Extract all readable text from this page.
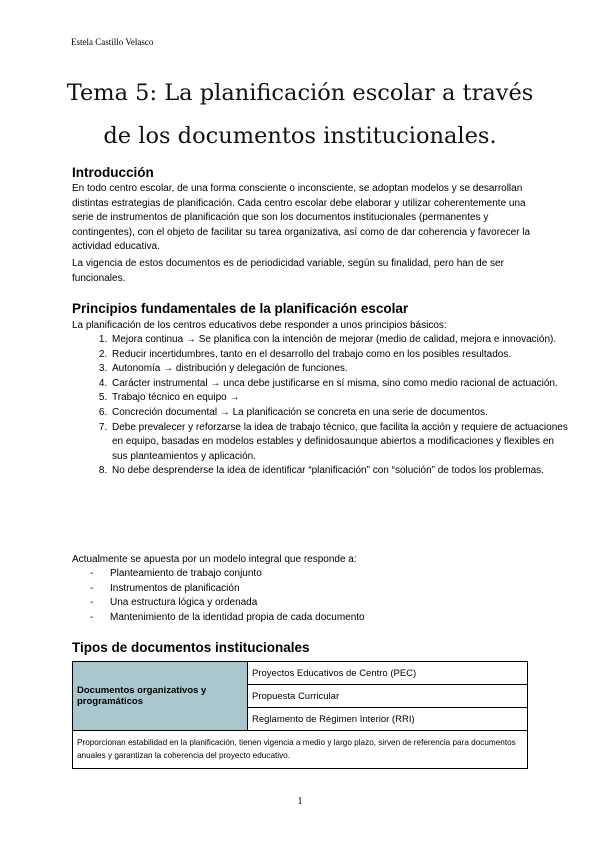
Estela Castillo Velasco
Tema 5: La planificación escolar a través
de los documentos institucionales.
Introducción
En todo centro escolar, de una forma consciente o inconsciente, se adoptan modelos y se desarrollan distintas estrategias de planificación. Cada centro escolar debe elaborar y utilizar coherentemente una serie de instrumentos de planificación que son los documentos institucionales (permanentes y contingentes), con el objeto de facilitar su tarea organizativa, así como de dar coherencia y favorecer la actividad educativa.
La vigencia de estos documentos es de periodicidad variable, según su finalidad, pero han de ser funcionales.
Principios fundamentales de la planificación escolar
La planificación de los centros educativos debe responder a unos principios básicos:
1. Mejora continua → Se planifica con la intención de mejorar (medio de calidad, mejora e innovación).
2. Reducir incertidumbres, tanto en el desarrollo del trabajo como en los posibles resultados.
3. Autonomía → distribución y delegación de funciones.
4. Carácter instrumental → unca debe justificarse en sí misma, sino como medio racional de actuación.
5. Trabajo técnico en equipo →
6. Concreción documental → La planificación se concreta en una serie de documentos.
7. Debe prevalecer y reforzarse la idea de trabajo técnico, que facilita la acción y requiere de actuaciones en equipo, basadas en modelos estables y definidosaunque abiertos a modificaciones y flexibles en sus planteamientos y aplicación.
8. No debe desprenderse la idea de identificar “planificación” con “solución” de todos los problemas.
Actualmente se apuesta por un modelo integral que responde a:
- Planteamiento de trabajo conjunto
- Instrumentos de planificación
- Una estructura lógica y ordenada
- Mantenimiento de la identidad propia de cada documento
Tipos de documentos institucionales
Documentos organizativos y programáticos	Proyectos Educativos de Centro (PEC)
Propuesta Curricular
Reglamento de Régimen Interior (RRI)
Proporcionan estabilidad en la planificación, tienen vigencia a medio y largo plazo, sirven de referencia para documentos anuales y garantizan la coherencia del proyecto educativo.
1
